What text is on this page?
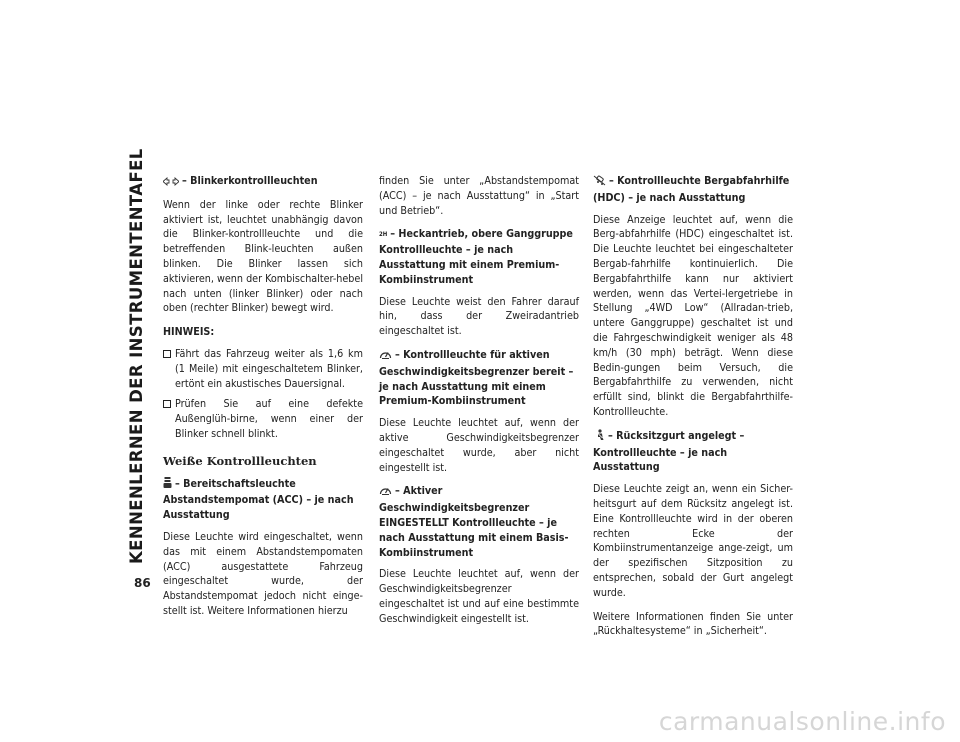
KENNENLERNEN DER INSTRUMENTENTAFEL
86
– Blinkerkontrollleuchten
Wenn der linke oder rechte Blinker aktiviert ist, leuchtet unabhängig davon die Blinker-kontrollleuchte und die betreffenden Blink-leuchten außen blinken. Die Blinker lassen sich aktivieren, wenn der Kombischalter-hebel nach unten (linker Blinker) oder nach oben (rechter Blinker) bewegt wird.
HINWEIS:
Fährt das Fahrzeug weiter als 1,6 km (1 Meile) mit eingeschaltetem Blinker, ertönt ein akustisches Dauersignal.
Prüfen Sie auf eine defekte Außenglüh-birne, wenn einer der Blinker schnell blinkt.
Weiße Kontrollleuchten
– Bereitschaftsleuchte
Abstandstempomat (ACC) – je nach Ausstattung
Diese Leuchte wird eingeschaltet, wenn das mit einem Abstandstempomaten (ACC) ausgestattete Fahrzeug eingeschaltet wurde, der Abstandstempomat jedoch nicht einge-stellt ist. Weitere Informationen hierzu
finden Sie unter „Abstandstempomat (ACC) – je nach Ausstattung“ in „Start und Betrieb“.
2H – Heckantrieb, obere Ganggruppe Kontrollleuchte – je nach Ausstattung mit einem Premium-Kombiinstrument
Diese Leuchte weist den Fahrer darauf hin, dass der Zweiradantrieb eingeschaltet ist.
– Kontrollleuchte für aktiven Geschwindigkeitsbegrenzer bereit – je nach Ausstattung mit einem Premium-Kombiinstrument
Diese Leuchte leuchtet auf, wenn der aktive Geschwindigkeitsbegrenzer eingeschaltet wurde, aber nicht eingestellt ist.
– Aktiver Geschwindigkeitsbegrenzer EINGESTELLT Kontrollleuchte – je nach Ausstattung mit einem Basis-Kombiinstrument
Diese Leuchte leuchtet auf, wenn der Geschwindigkeitsbegrenzer eingeschaltet ist und auf eine bestimmte Geschwindigkeit eingestellt ist.
– Kontrollleuchte Bergabfahrhilfe (HDC) – je nach Ausstattung
Diese Anzeige leuchtet auf, wenn die Berg-abfahrhilfe (HDC) eingeschaltet ist. Die Leuchte leuchtet bei eingeschalteter Bergab-fahrhilfe kontinuierlich. Die Bergabfahrthilfe kann nur aktiviert werden, wenn das Vertei-lergetriebe in Stellung „4WD Low“ (Allradan-trieb, untere Ganggruppe) geschaltet ist und die Fahrgeschwindigkeit weniger als 48 km/h (30 mph) beträgt. Wenn diese Bedin-gungen beim Versuch, die Bergabfahrthilfe zu verwenden, nicht erfüllt sind, blinkt die Bergabfahrthilfe-Kontrollleuchte.
– Rücksitzgurt angelegt – Kontrollleuchte – je nach Ausstattung
Diese Leuchte zeigt an, wenn ein Sicher-heitsgurt auf dem Rücksitz angelegt ist. Eine Kontrollleuchte wird in der oberen rechten Ecke der Kombiinstrumentanzeige ange-zeigt, um der spezifischen Sitzposition zu entsprechen, sobald der Gurt angelegt wurde.
Weitere Informationen finden Sie unter „Rückhaltesysteme“ in „Sicherheit“.
carmanualsonline.info
